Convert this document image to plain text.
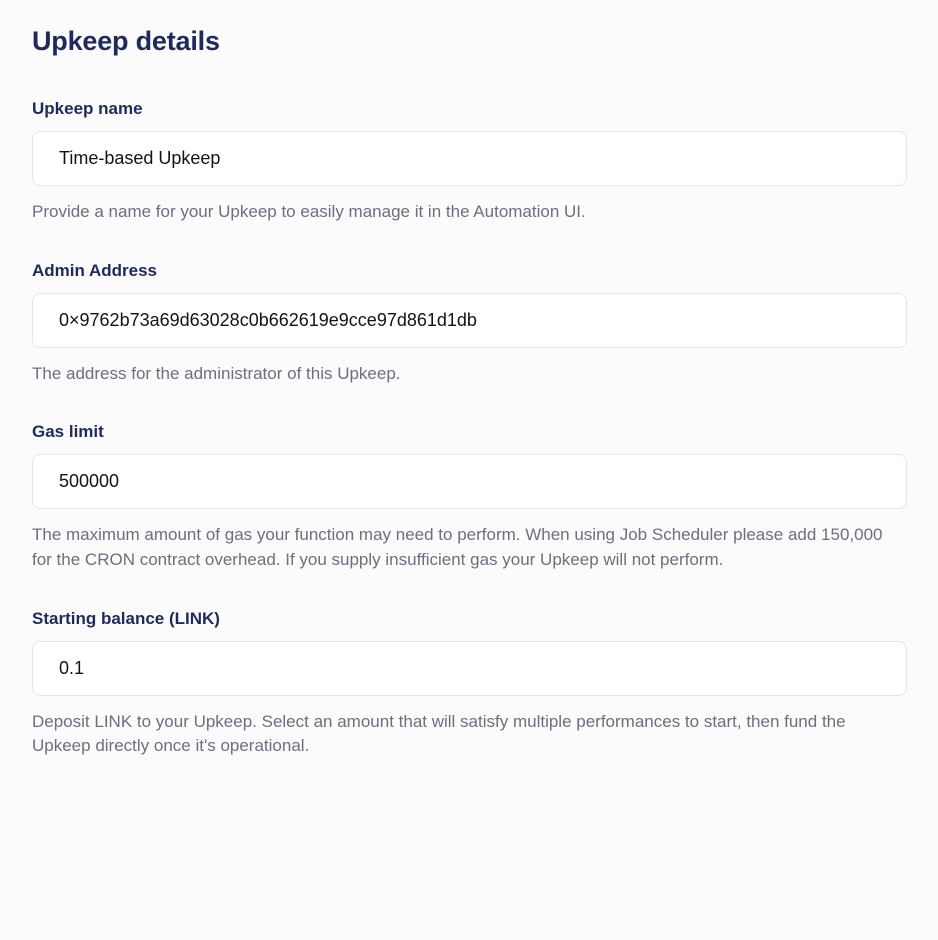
Upkeep details
Upkeep name
Time-based Upkeep
Provide a name for your Upkeep to easily manage it in the Automation UI.
Admin Address
0×9762b73a69d63028c0b662619e9cce97d861d1db
The address for the administrator of this Upkeep.
Gas limit
500000
The maximum amount of gas your function may need to perform. When using Job Scheduler please add 150,000 for the CRON contract overhead. If you supply insufficient gas your Upkeep will not perform.
Starting balance (LINK)
0.1
Deposit LINK to your Upkeep. Select an amount that will satisfy multiple performances to start, then fund the Upkeep directly once it's operational.
